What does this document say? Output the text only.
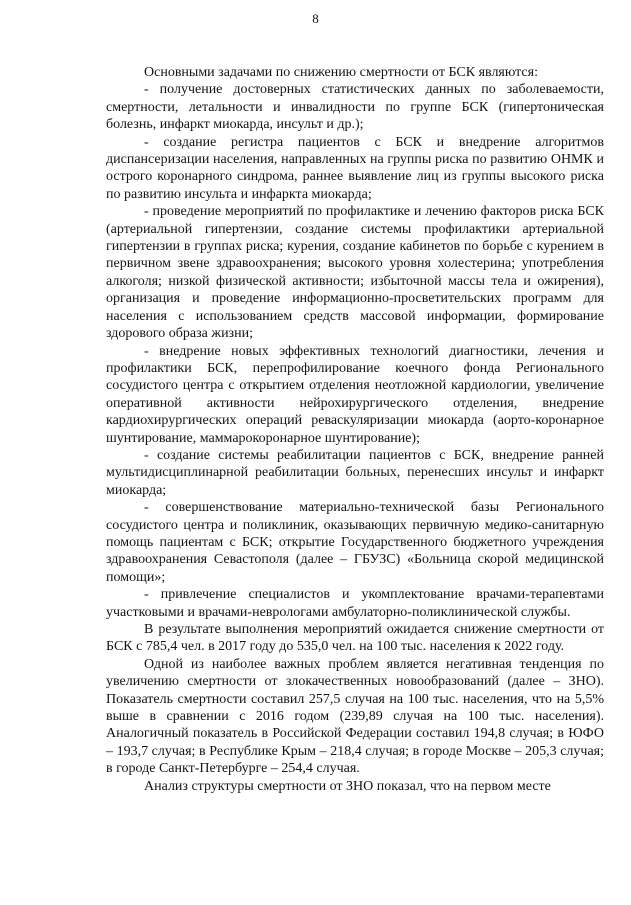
8

Основными задачами по снижению смертности от БСК являются:

- получение достоверных статистических данных по заболеваемости, смертности, летальности и инвалидности по группе БСК (гипертоническая болезнь, инфаркт миокарда, инсульт и др.);

- создание регистра пациентов с БСК и внедрение алгоритмов диспансеризации населения, направленных на группы риска по развитию ОНМК и острого коронарного синдрома, раннее выявление лиц из группы высокого риска по развитию инсульта и инфаркта миокарда;

- проведение мероприятий по профилактике и лечению факторов риска БСК (артериальной гипертензии, создание системы профилактики артериальной гипертензии в группах риска; курения, создание кабинетов по борьбе с курением в первичном звене здравоохранения; высокого уровня холестерина; употребления алкоголя; низкой физической активности; избыточной массы тела и ожирения), организация и проведение информационно-просветительских программ для населения с использованием средств массовой информации, формирование здорового образа жизни;

- внедрение новых эффективных технологий диагностики, лечения и профилактики БСК, перепрофилирование коечного фонда Регионального сосудистого центра с открытием отделения неотложной кардиологии, увеличение оперативной активности нейрохирургического отделения, внедрение кардиохирургических операций реваскуляризации миокарда (аорто-коронарное шунтирование, маммарокоронарное шунтирование);

- создание системы реабилитации пациентов с БСК, внедрение ранней мультидисциплинарной реабилитации больных, перенесших инсульт и инфаркт миокарда;

- совершенствование материально-технической базы Регионального сосудистого центра и поликлиник, оказывающих первичную медико-санитарную помощь пациентам с БСК; открытие Государственного бюджетного учреждения здравоохранения Севастополя (далее – ГБУЗС) «Больница скорой медицинской помощи»;

- привлечение специалистов и укомплектование врачами-терапевтами участковыми и врачами-неврологами амбулаторно-поликлинической службы.

В результате выполнения мероприятий ожидается снижение смертности от БСК с 785,4 чел. в 2017 году до 535,0 чел. на 100 тыс. населения к 2022 году.

Одной из наиболее важных проблем является негативная тенденция по увеличению смертности от злокачественных новообразований (далее – ЗНО). Показатель смертности составил 257,5 случая на 100 тыс. населения, что на 5,5% выше в сравнении с 2016 годом (239,89 случая на 100 тыс. населения). Аналогичный показатель в Российской Федерации составил 194,8 случая; в ЮФО – 193,7 случая; в Республике Крым – 218,4 случая; в городе Москве – 205,3 случая; в городе Санкт-Петербурге – 254,4 случая.

Анализ структуры смертности от ЗНО показал, что на первом месте
